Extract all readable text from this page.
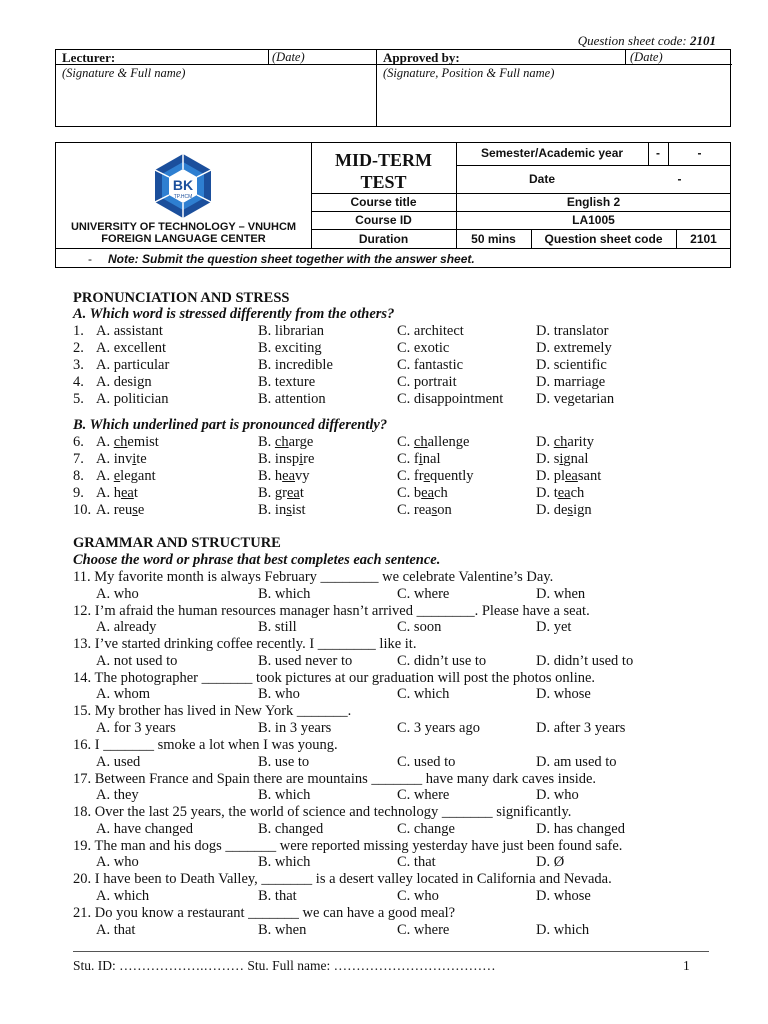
Question sheet code: 2101
Lecturer:	(Date)
(Signature & Full name)
Approved by:	(Date)
(Signature, Position & Full name)
BK
TP.HCM
UNIVERSITY OF TECHNOLOGY – VNUHCM
FOREIGN LANGUAGE CENTER
MID-TERM
TEST
Semester/Academic year	-	-
Date	-
Course title	English 2
Course ID	LA1005
Duration	50 mins	Question sheet code	2101
- Note: Submit the question sheet together with the answer sheet.
PRONUNCIATION AND STRESS
A. Which word is stressed differently from the others?
1. A. assistant	B. librarian	C. architect	D. translator
2. A. excellent	B. exciting	C. exotic	D. extremely
3. A. particular	B. incredible	C. fantastic	D. scientific
4. A. design	B. texture	C. portrait	D. marriage
5. A. politician	B. attention	C. disappointment D. vegetarian
B. Which underlined part is pronounced differently?
6. A. chemist	B. charge	C. challenge	D. charity
7. A. invite	B. inspire	C. final	D. signal
8. A. elegant	B. heavy	C. frequently	D. pleasant
9. A. heat	B. great	C. beach	D. teach
10. A. reuse	B. insist	C. reason	D. design
GRAMMAR AND STRUCTURE
Choose the word or phrase that best completes each sentence.
11. My favorite month is always February ________ we celebrate Valentine’s Day.
A. who	B. which	C. where	D. when
12. I’m afraid the human resources manager hasn’t arrived ________. Please have a seat.
A. already	B. still	C. soon	D. yet
13. I’ve started drinking coffee recently. I ________ like it.
A. not used to	B. used never to	C. didn’t use to	D. didn’t used to
14. The photographer _______ took pictures at our graduation will post the photos online.
A. whom	B. who	C. which	D. whose
15. My brother has lived in New York _______.
A. for 3 years	B. in 3 years	C. 3 years ago	D. after 3 years
16. I _______ smoke a lot when I was young.
A. used	B. use to	C. used to	D. am used to
17. Between France and Spain there are mountains _______ have many dark caves inside.
A. they	B. which	C. where	D. who
18. Over the last 25 years, the world of science and technology _______ significantly.
A. have changed	B. changed	C. change	D. has changed
19. The man and his dogs _______ were reported missing yesterday have just been found safe.
A. who	B. which	C. that	D. Ø
20. I have been to Death Valley, _______ is a desert valley located in California and Nevada.
A. which	B. that	C. who	D. whose
21. Do you know a restaurant _______ we can have a good meal?
A. that	B. when	C. where	D. which
Stu. ID: ……………….……… Stu. Full name: ………………………………	1
